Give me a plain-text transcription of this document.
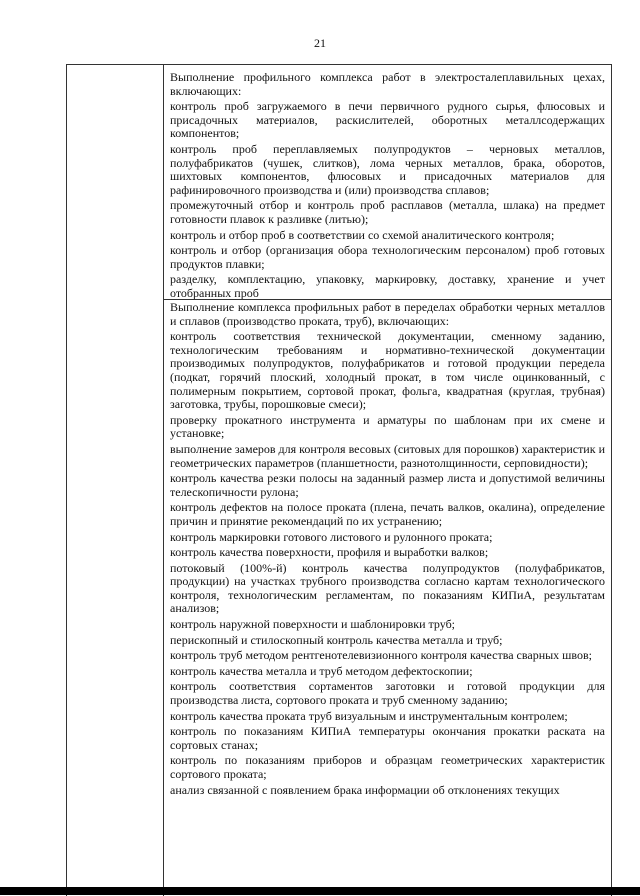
21

Выполнение профильного комплекса работ в электросталеплавильных цехах, включающих:

контроль проб загружаемого в печи первичного рудного сырья, флюсовых и присадочных материалов, раскислителей, оборотных металлсодержащих компонентов;

контроль проб переплавляемых полупродуктов – черновых металлов, полуфабрикатов (чушек, слитков), лома черных металлов, брака, оборотов, шихтовых компонентов, флюсовых и присадочных материалов для рафинировочного производства и (или) производства сплавов;

промежуточный отбор и контроль проб расплавов (металла, шлака) на предмет готовности плавок к разливке (литью);

контроль и отбор проб в соответствии со схемой аналитического контроля;

контроль и отбор (организация обора технологическим персоналом) проб готовых продуктов плавки;

разделку, комплектацию, упаковку, маркировку, доставку, хранение и учет отобранных проб

Выполнение комплекса профильных работ в переделах обработки черных металлов и сплавов (производство проката, труб), включающих:

контроль соответствия технической документации, сменному заданию, технологическим требованиям и нормативно-технической документации производимых полупродуктов, полуфабрикатов и готовой продукции передела (подкат, горячий плоский, холодный прокат, в том числе оцинкованный, с полимерным покрытием, сортовой прокат, фольга, квадратная (круглая, трубная) заготовка, трубы, порошковые смеси);

проверку прокатного инструмента и арматуры по шаблонам при их смене и установке;

выполнение замеров для контроля весовых (ситовых для порошков) характеристик и геометрических параметров (планшетности, разнотолщинности, серповидности);

контроль качества резки полосы на заданный размер листа и допустимой величины телескопичности рулона;

контроль дефектов на полосе проката (плена, печать валков, окалина), определение причин и принятие рекомендаций по их устранению;

контроль маркировки готового листового и рулонного проката;

контроль качества поверхности, профиля и выработки валков;

потоковый (100%-й) контроль качества полупродуктов (полуфабрикатов, продукции) на участках трубного производства согласно картам технологического контроля, технологическим регламентам, по показаниям КИПиА, результатам анализов;

контроль наружной поверхности и шаблонировки труб;

перископный и стилоскопный контроль качества металла и труб;

контроль труб методом рентгенотелевизионного контроля качества сварных швов;

контроль качества металла и труб методом дефектоскопии;

контроль соответствия сортаментов заготовки и готовой продукции для производства листа, сортового проката и труб сменному заданию;

контроль качества проката труб визуальным и инструментальным контролем;

контроль по показаниям КИПиА температуры окончания прокатки раската на сортовых станах;

контроль по показаниям приборов и образцам геометрических характеристик сортового проката;

анализ связанной с появлением брака информации об отклонениях текущих
